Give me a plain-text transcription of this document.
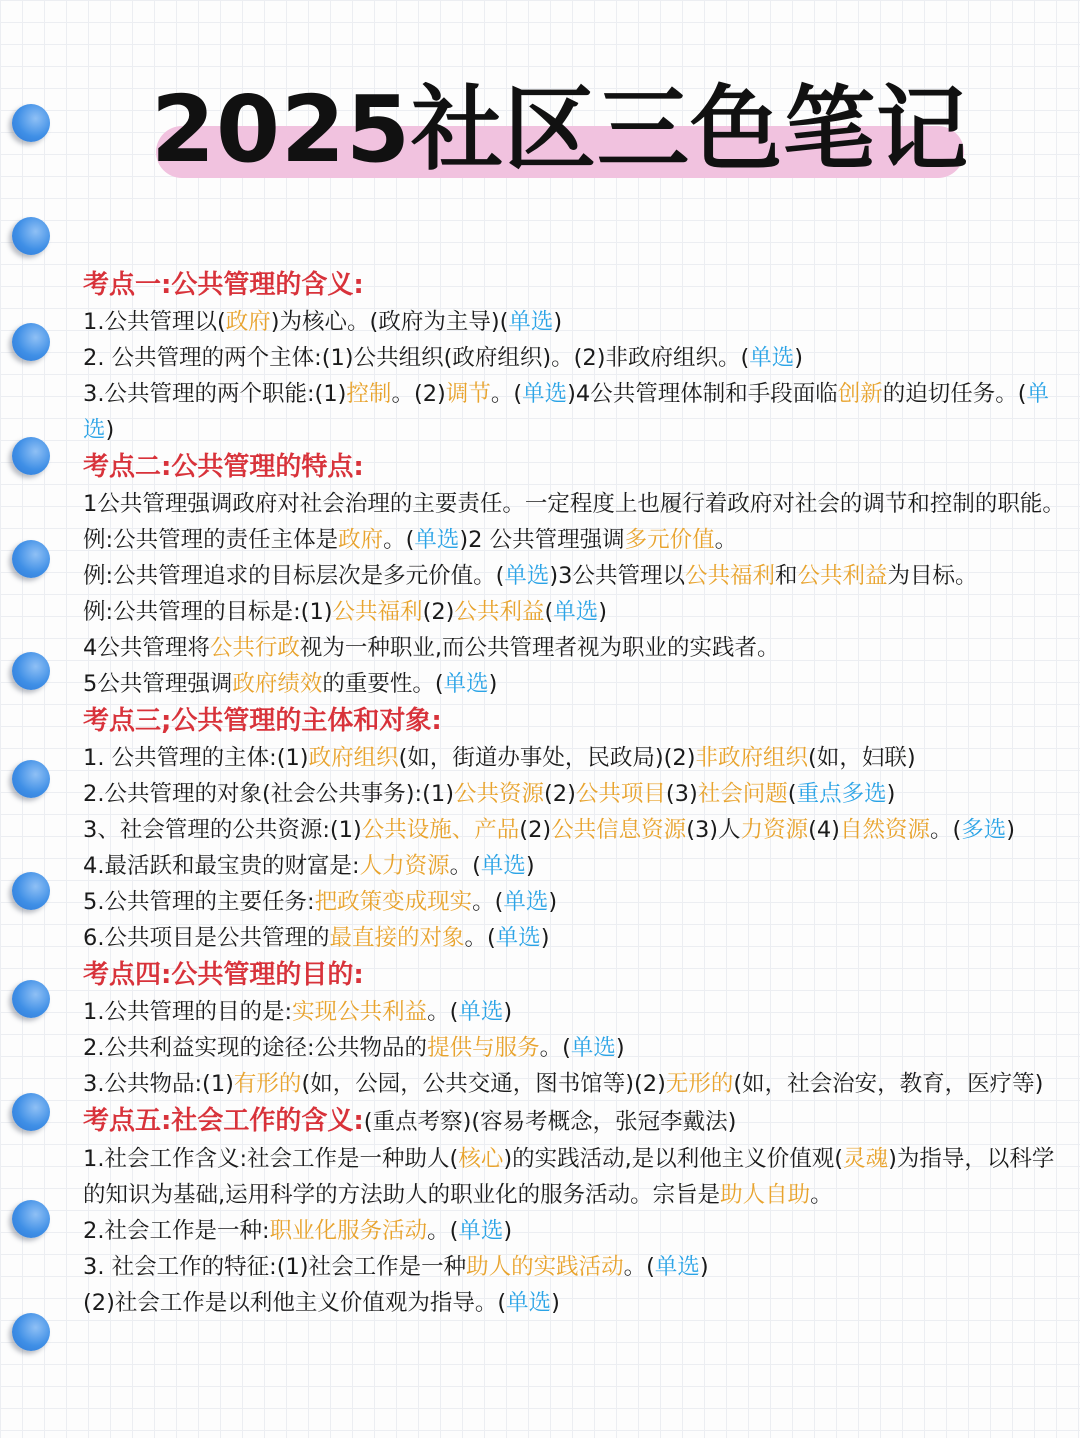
2025社区三色笔记

考点一:公共管理的含义:

1.公共管理以(政府)为核心。(政府为主导)(单选)

2. 公共管理的两个主体:(1)公共组织(政府组织)。(2)非政府组织。(单选)

3.公共管理的两个职能:(1)控制。(2)调节。(单选)4公共管理体制和手段面临创新的迫切任务。(单选)

考点二:公共管理的特点:

1公共管理强调政府对社会治理的主要责任。一定程度上也履行着政府对社会的调节和控制的职能。例:公共管理的责任主体是政府。(单选)2 公共管理强调多元价值。

例:公共管理追求的目标层次是多元价值。(单选)3公共管理以公共福利和公共利益为目标。

例:公共管理的目标是:(1)公共福利(2)公共利益(单选)

4公共管理将公共行政视为一种职业,而公共管理者视为职业的实践者。

5公共管理强调政府绩效的重要性。(单选)

考点三;公共管理的主体和对象:

1. 公共管理的主体:(1)政府组织(如，街道办事处，民政局)(2)非政府组织(如，妇联)

2.公共管理的对象(社会公共事务):(1)公共资源(2)公共项目(3)社会问题(重点多选)

3、社会管理的公共资源:(1)公共设施、产品(2)公共信息资源(3)人力资源(4)自然资源。(多选)

4.最活跃和最宝贵的财富是:人力资源。(单选)

5.公共管理的主要任务:把政策变成现实。(单选)

6.公共项目是公共管理的最直接的对象。(单选)

考点四:公共管理的目的:

1.公共管理的目的是:实现公共利益。(单选)

2.公共利益实现的途径:公共物品的提供与服务。(单选)

3.公共物品:(1)有形的(如，公园，公共交通，图书馆等)(2)无形的(如，社会治安，教育，医疗等)

考点五:社会工作的含义:(重点考察)(容易考概念，张冠李戴法)

1.社会工作含义:社会工作是一种助人(核心)的实践活动,是以利他主义价值观(灵魂)为指导，以科学的知识为基础,运用科学的方法助人的职业化的服务活动。宗旨是助人自助。

2.社会工作是一种:职业化服务活动。(单选)

3. 社会工作的特征:(1)社会工作是一种助人的实践活动。(单选)

(2)社会工作是以利他主义价值观为指导。(单选)
